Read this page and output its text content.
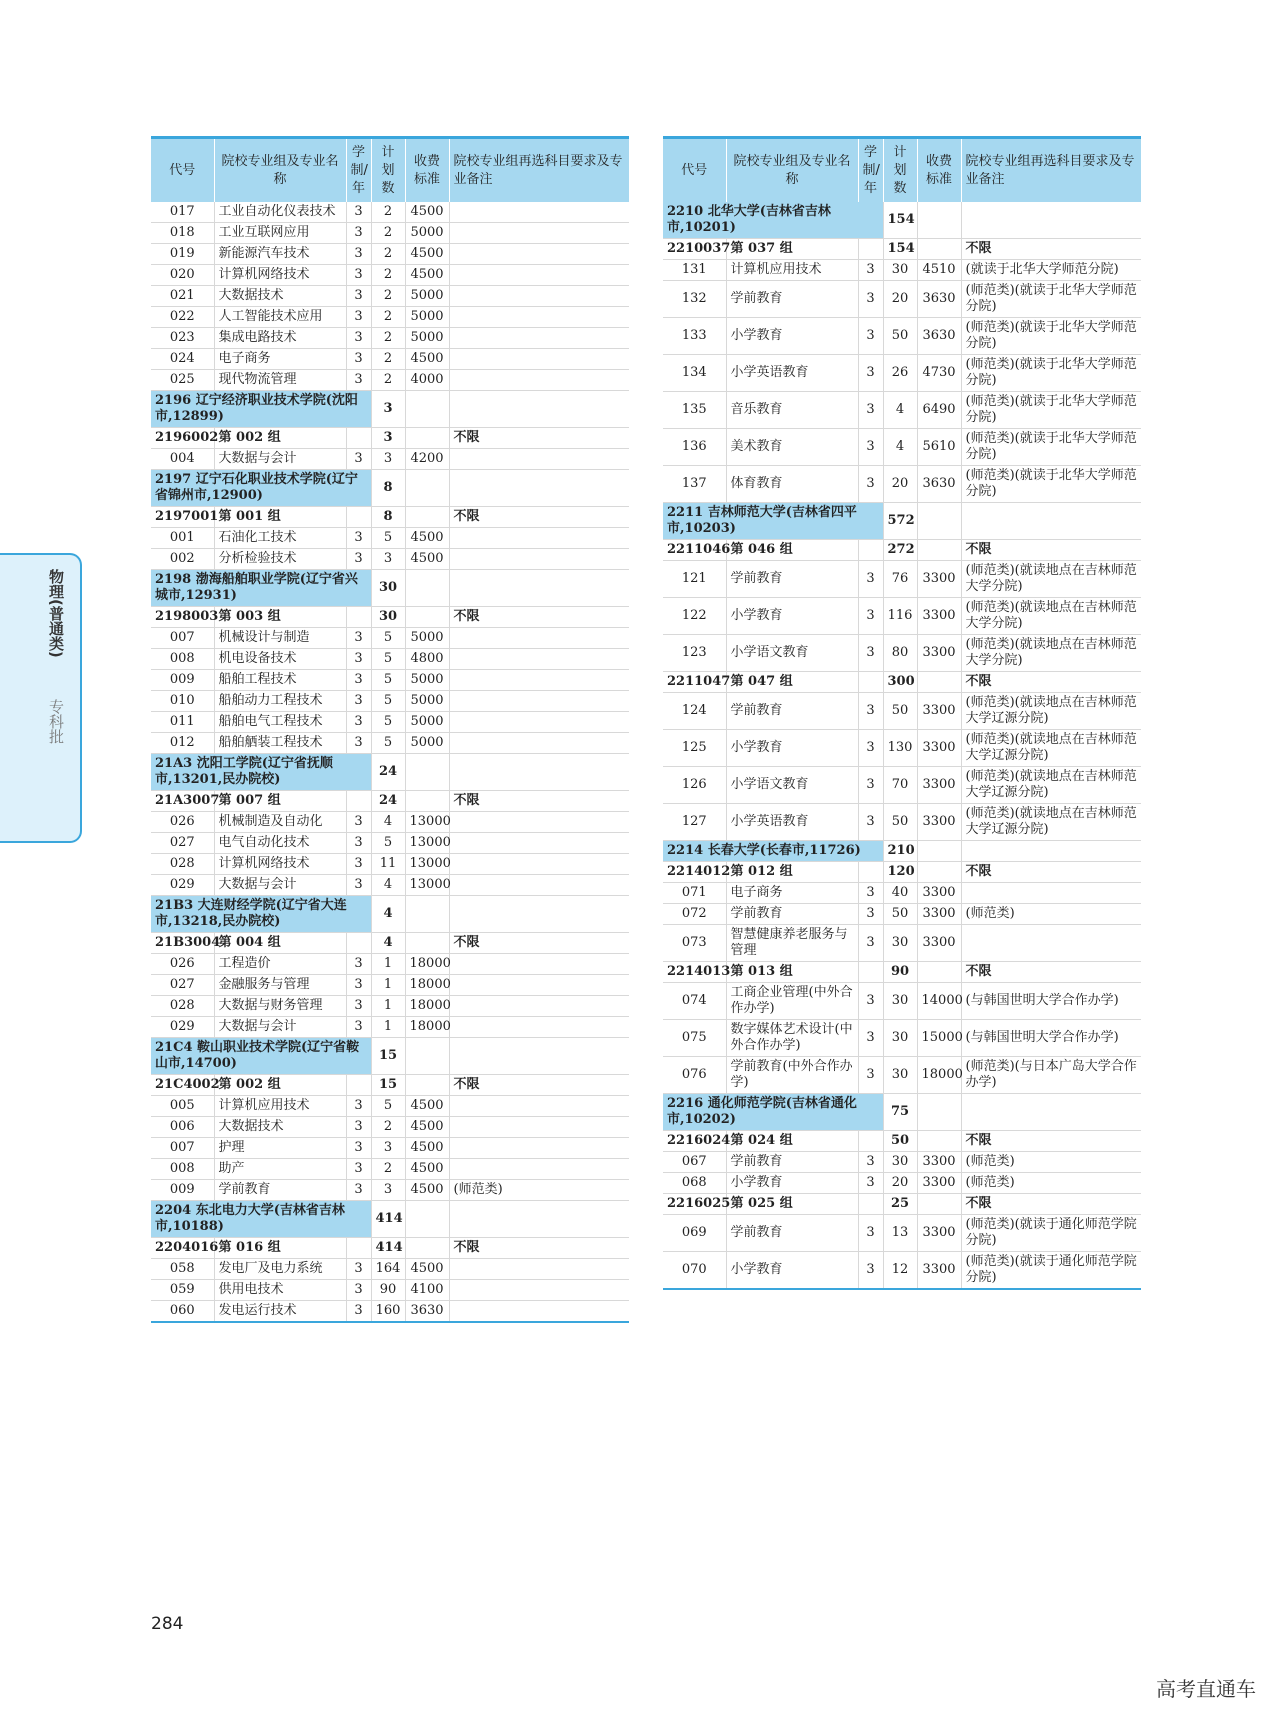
代号	院校专业组及专业名称	学制/年	计划数	收费标准	院校专业组再选科目要求及专业备注
017	工业自动化仪表技术	3	2	4500	
018	工业互联网应用	3	2	5000	
019	新能源汽车技术	3	2	4500	
020	计算机网络技术	3	2	4500	
021	大数据技术	3	2	5000	
022	人工智能技术应用	3	2	5000	
023	集成电路技术	3	2	5000	
024	电子商务	3	2	4500	
025	现代物流管理	3	2	4000	
2196 辽宁经济职业技术学院(沈阳市,12899)			3		
2196002	第 002 组		3		不限
004	大数据与会计	3	3	4200	
2197 辽宁石化职业技术学院(辽宁省锦州市,12900)			8		
2197001	第 001 组		8		不限
001	石油化工技术	3	5	4500	
002	分析检验技术	3	3	4500	
2198 渤海船舶职业学院(辽宁省兴城市,12931)			30		
2198003	第 003 组		30		不限
007	机械设计与制造	3	5	5000	
008	机电设备技术	3	5	4800	
009	船舶工程技术	3	5	5000	
010	船舶动力工程技术	3	5	5000	
011	船舶电气工程技术	3	5	5000	
012	船舶舾装工程技术	3	5	5000	
21A3 沈阳工学院(辽宁省抚顺市,13201,民办院校)			24		
21A3007	第 007 组		24		不限
026	机械制造及自动化	3	4	13000	
027	电气自动化技术	3	5	13000	
028	计算机网络技术	3	11	13000	
029	大数据与会计	3	4	13000	
21B3 大连财经学院(辽宁省大连市,13218,民办院校)			4		
21B3004	第 004 组		4		不限
026	工程造价	3	1	18000	
027	金融服务与管理	3	1	18000	
028	大数据与财务管理	3	1	18000	
029	大数据与会计	3	1	18000	
21C4 鞍山职业技术学院(辽宁省鞍山市,14700)			15		
21C4002	第 002 组		15		不限
005	计算机应用技术	3	5	4500	
006	大数据技术	3	2	4500	
007	护理	3	3	4500	
008	助产	3	2	4500	
009	学前教育	3	3	4500	(师范类)
2204 东北电力大学(吉林省吉林市,10188)			414		
2204016	第 016 组		414		不限
058	发电厂及电力系统	3	164	4500	
059	供用电技术	3	90	4100	
060	发电运行技术	3	160	3630	
代号	院校专业组及专业名称	学制/年	计划数	收费标准	院校专业组再选科目要求及专业备注
2210 北华大学(吉林省吉林市,10201)			154		
2210037	第 037 组		154		不限
131	计算机应用技术	3	30	4510	(就读于北华大学师范分院)
132	学前教育	3	20	3630	(师范类)(就读于北华大学师范分院)
133	小学教育	3	50	3630	(师范类)(就读于北华大学师范分院)
134	小学英语教育	3	26	4730	(师范类)(就读于北华大学师范分院)
135	音乐教育	3	4	6490	(师范类)(就读于北华大学师范分院)
136	美术教育	3	4	5610	(师范类)(就读于北华大学师范分院)
137	体育教育	3	20	3630	(师范类)(就读于北华大学师范分院)
2211 吉林师范大学(吉林省四平市,10203)			572		
2211046	第 046 组		272		不限
121	学前教育	3	76	3300	(师范类)(就读地点在吉林师范大学分院)
122	小学教育	3	116	3300	(师范类)(就读地点在吉林师范大学分院)
123	小学语文教育	3	80	3300	(师范类)(就读地点在吉林师范大学分院)
2211047	第 047 组		300		不限
124	学前教育	3	50	3300	(师范类)(就读地点在吉林师范大学辽源分院)
125	小学教育	3	130	3300	(师范类)(就读地点在吉林师范大学辽源分院)
126	小学语文教育	3	70	3300	(师范类)(就读地点在吉林师范大学辽源分院)
127	小学英语教育	3	50	3300	(师范类)(就读地点在吉林师范大学辽源分院)
2214 长春大学(长春市,11726)			210		
2214012	第 012 组		120		不限
071	电子商务	3	40	3300	
072	学前教育	3	50	3300	(师范类)
073	智慧健康养老服务与管理	3	30	3300	
2214013	第 013 组		90		不限
074	工商企业管理(中外合作办学)	3	30	14000	(与韩国世明大学合作办学)
075	数字媒体艺术设计(中外合作办学)	3	30	15000	(与韩国世明大学合作办学)
076	学前教育(中外合作办学)	3	30	18000	(师范类)(与日本广岛大学合作办学)
2216 通化师范学院(吉林省通化市,10202)			75		
2216024	第 024 组		50		不限
067	学前教育	3	30	3300	(师范类)
068	小学教育	3	20	3300	(师范类)
2216025	第 025 组		25		不限
069	学前教育	3	13	3300	(师范类)(就读于通化师范学院分院)
070	小学教育	3	12	3300	(师范类)(就读于通化师范学院分院)
物理(普通类)
专科批
284
高考直通车
